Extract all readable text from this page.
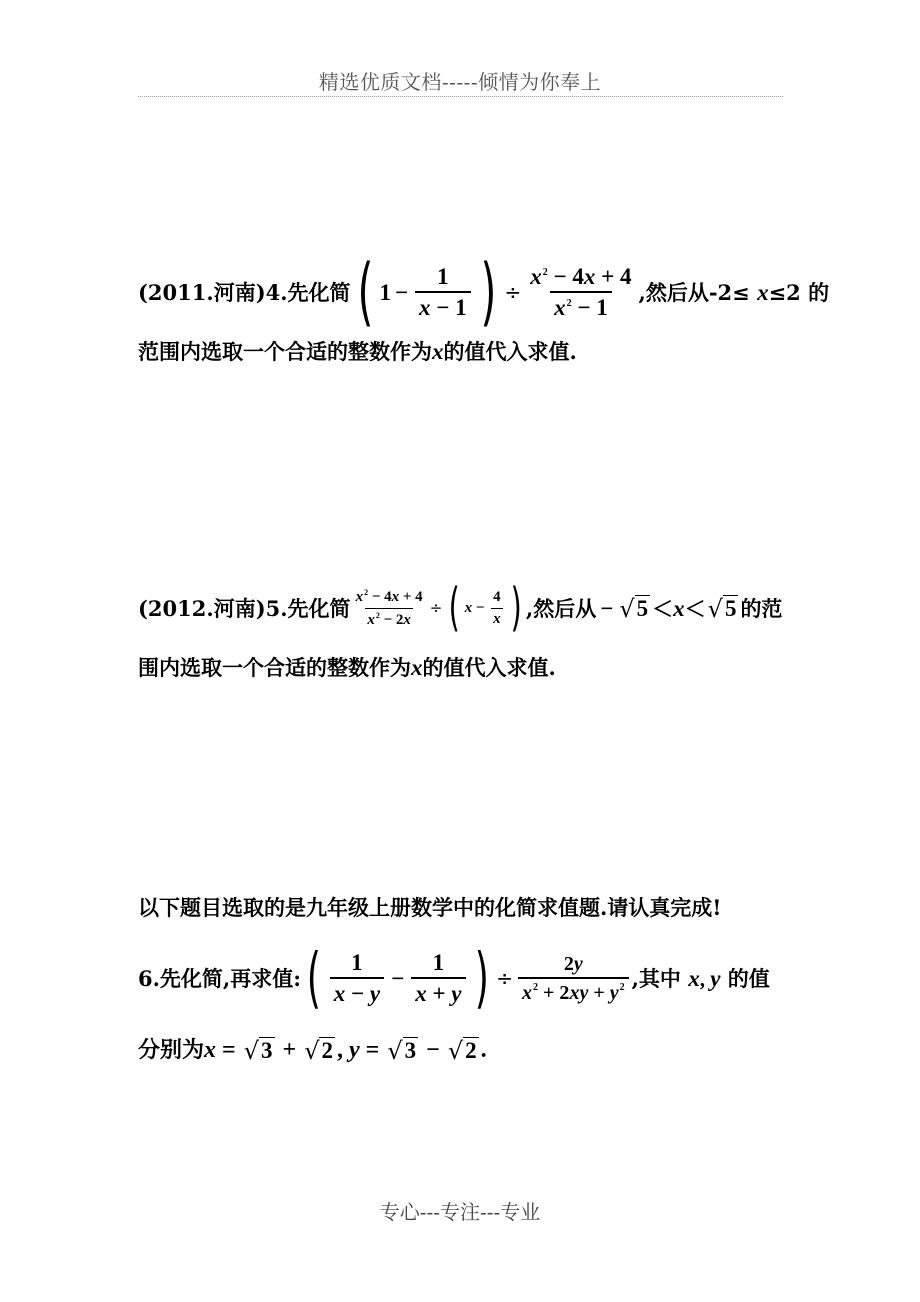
精选优质文档-----倾情为你奉上
(2011.河南)4.先化简 ( $1 - \frac{1}{x - 1}$ ) ÷ $\frac{x^2 - 4x + 4}{x^2 - 1}$ ,然后从-2≤ x≤2 的
范围内选取一个合适的整数作为 x 的值代入求值.
(2012.河南)5.先化简 $\frac{x^2 - 4x + 4}{x^2 - 2x}$ ÷ ( $x - \frac{4}{x}$ ) ,然后从 − √ 5 ＜ x ＜ √ 5 的范
围内选取一个合适的整数作为 x 的值代入求值.
以下题目选取的是九年级上册数学中的化简求值题.请认真完成!
6.先化简,再求值: ( $\frac{1}{x - y} - \frac{1}{x + y}$ ) ÷ $\frac{2y}{x^2 + 2xy + y^2}$ ,其中 x, y 的值
分别为 x = √ 3 + √ 2 , y = √ 3 − √ 2 .
专心---专注---专业
